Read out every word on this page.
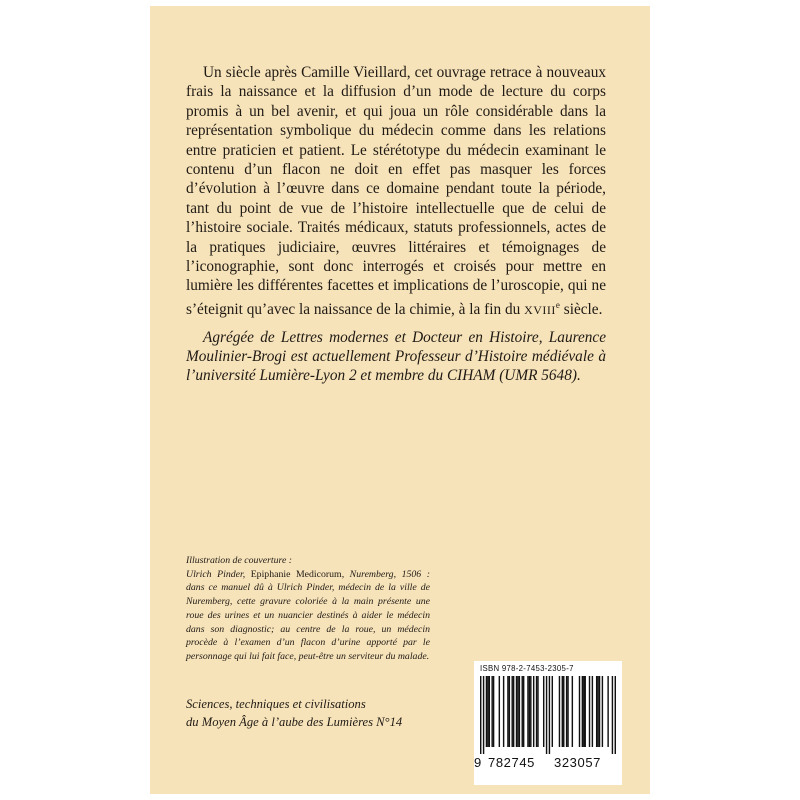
Un siècle après Camille Vieillard, cet ouvrage retrace à nouveaux frais la naissance et la diffusion d’un mode de lecture du corps promis à un bel avenir, et qui joua un rôle considérable dans la représentation symbolique du médecin comme dans les relations entre praticien et patient. Le stérétotype du médecin examinant le contenu d’un flacon ne doit en effet pas masquer les forces d’évolution à l’œuvre dans ce domaine pendant toute la période, tant du point de vue de l’histoire intellectuelle que de celui de l’histoire sociale. Traités médicaux, statuts professionnels, actes de la pratiques judiciaire, œuvres littéraires et témoignages de l’iconographie, sont donc interrogés et croisés pour mettre en lumière les différentes facettes et implications de l’uroscopie, qui ne s’éteignit qu’avec la naissance de la chimie, à la fin du XVIIIe siècle.

Agrégée de Lettres modernes et Docteur en Histoire, Laurence Moulinier-Brogi est actuellement Professeur d’Histoire médiévale à l’université Lumière-Lyon 2 et membre du CIHAM (UMR 5648).

Illustration de couverture :
Ulrich Pinder, Epiphanie Medicorum, Nuremberg, 1506 : dans ce manuel dû à Ulrich Pinder, médecin de la ville de Nuremberg, cette gravure coloriée à la main présente une roue des urines et un nuancier destinés à aider le médecin dans son diagnostic; au centre de la roue, un médecin procède à l’examen d’un flacon d’urine apporté par le personnage qui lui fait face, peut-être un serviteur du malade.

Sciences, techniques et civilisations
du Moyen Âge à l’aube des Lumières N°14
ISBN 978-2-7453-2305-7
9 782745 323057
